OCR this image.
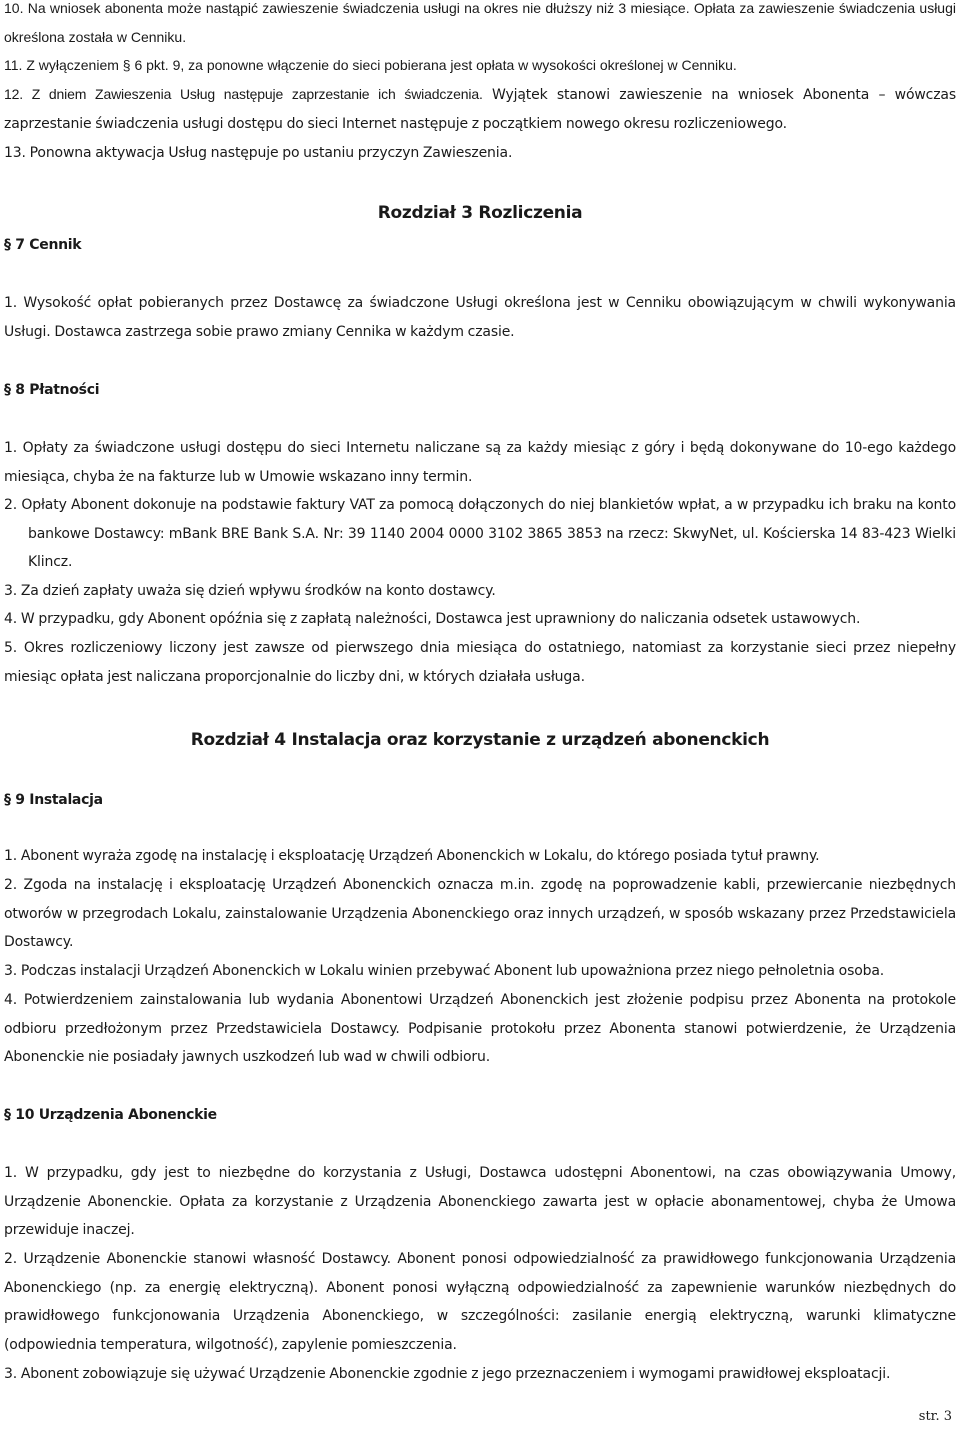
10. Na wniosek abonenta może nastąpić zawieszenie świadczenia usługi na okres nie dłuższy niż 3 miesiące. Opłata za zawieszenie świadczenia usługi określona została w Cenniku.

11. Z wyłączeniem § 6 pkt. 9, za ponowne włączenie do sieci pobierana jest opłata w wysokości określonej w Cenniku.

12. Z dniem Zawieszenia Usług następuje zaprzestanie ich świadczenia. Wyjątek stanowi zawieszenie na wniosek Abonenta – wówczas zaprzestanie świadczenia usługi dostępu do sieci Internet następuje z początkiem nowego okresu rozliczeniowego.

13. Ponowna aktywacja Usług następuje po ustaniu przyczyn Zawieszenia.

Rozdział 3 Rozliczenia
§ 7 Cennik

1. Wysokość opłat pobieranych przez Dostawcę za świadczone Usługi określona jest w Cenniku obowiązującym w chwili wykonywania Usługi. Dostawca zastrzega sobie prawo zmiany Cennika w każdym czasie.

§ 8 Płatności

1. Opłaty za świadczone usługi dostępu do sieci Internetu naliczane są za każdy miesiąc z góry i będą dokonywane do 10-ego każdego miesiąca, chyba że na fakturze lub w Umowie wskazano inny termin.

2. Opłaty Abonent dokonuje na podstawie faktury VAT za pomocą dołączonych do niej blankietów wpłat, a w przypadku ich braku na konto bankowe Dostawcy: mBank BRE Bank S.A. Nr: 39 1140 2004 0000 3102 3865 3853 na rzecz: SkwyNet, ul. Kościerska 14 83-423 Wielki Klincz.

3. Za dzień zapłaty uważa się dzień wpływu środków na konto dostawcy.

4. W przypadku, gdy Abonent opóźnia się z zapłatą należności, Dostawca jest uprawniony do naliczania odsetek ustawowych.

5. Okres rozliczeniowy liczony jest zawsze od pierwszego dnia miesiąca do ostatniego, natomiast za korzystanie sieci przez niepełny miesiąc opłata jest naliczana proporcjonalnie do liczby dni, w których działała usługa.

Rozdział 4 Instalacja oraz korzystanie z urządzeń abonenckich
§ 9 Instalacja

1. Abonent wyraża zgodę na instalację i eksploatację Urządzeń Abonenckich w Lokalu, do którego posiada tytuł prawny.

2. Zgoda na instalację i eksploatację Urządzeń Abonenckich oznacza m.in. zgodę na poprowadzenie kabli, przewiercanie niezbędnych otworów w przegrodach Lokalu, zainstalowanie Urządzenia Abonenckiego oraz innych urządzeń, w sposób wskazany przez Przedstawiciela Dostawcy.

3. Podczas instalacji Urządzeń Abonenckich w Lokalu winien przebywać Abonent lub upoważniona przez niego pełnoletnia osoba.

4. Potwierdzeniem zainstalowania lub wydania Abonentowi Urządzeń Abonenckich jest złożenie podpisu przez Abonenta na protokole odbioru przedłożonym przez Przedstawiciela Dostawcy. Podpisanie protokołu przez Abonenta stanowi potwierdzenie, że Urządzenia Abonenckie nie posiadały jawnych uszkodzeń lub wad w chwili odbioru.

§ 10 Urządzenia Abonenckie

1. W przypadku, gdy jest to niezbędne do korzystania z Usługi, Dostawca udostępni Abonentowi, na czas obowiązywania Umowy, Urządzenie Abonenckie. Opłata za korzystanie z Urządzenia Abonenckiego zawarta jest w opłacie abonamentowej, chyba że Umowa przewiduje inaczej.

2. Urządzenie Abonenckie stanowi własność Dostawcy. Abonent ponosi odpowiedzialność za prawidłowego funkcjonowania Urządzenia Abonenckiego (np. za energię elektryczną). Abonent ponosi wyłączną odpowiedzialność za zapewnienie warunków niezbędnych do prawidłowego funkcjonowania Urządzenia Abonenckiego, w szczególności: zasilanie energią elektryczną, warunki klimatyczne (odpowiednia temperatura, wilgotność), zapylenie pomieszczenia.

3. Abonent zobowiązuje się używać Urządzenie Abonenckie zgodnie z jego przeznaczeniem i wymogami prawidłowej eksploatacji.

str. 3
